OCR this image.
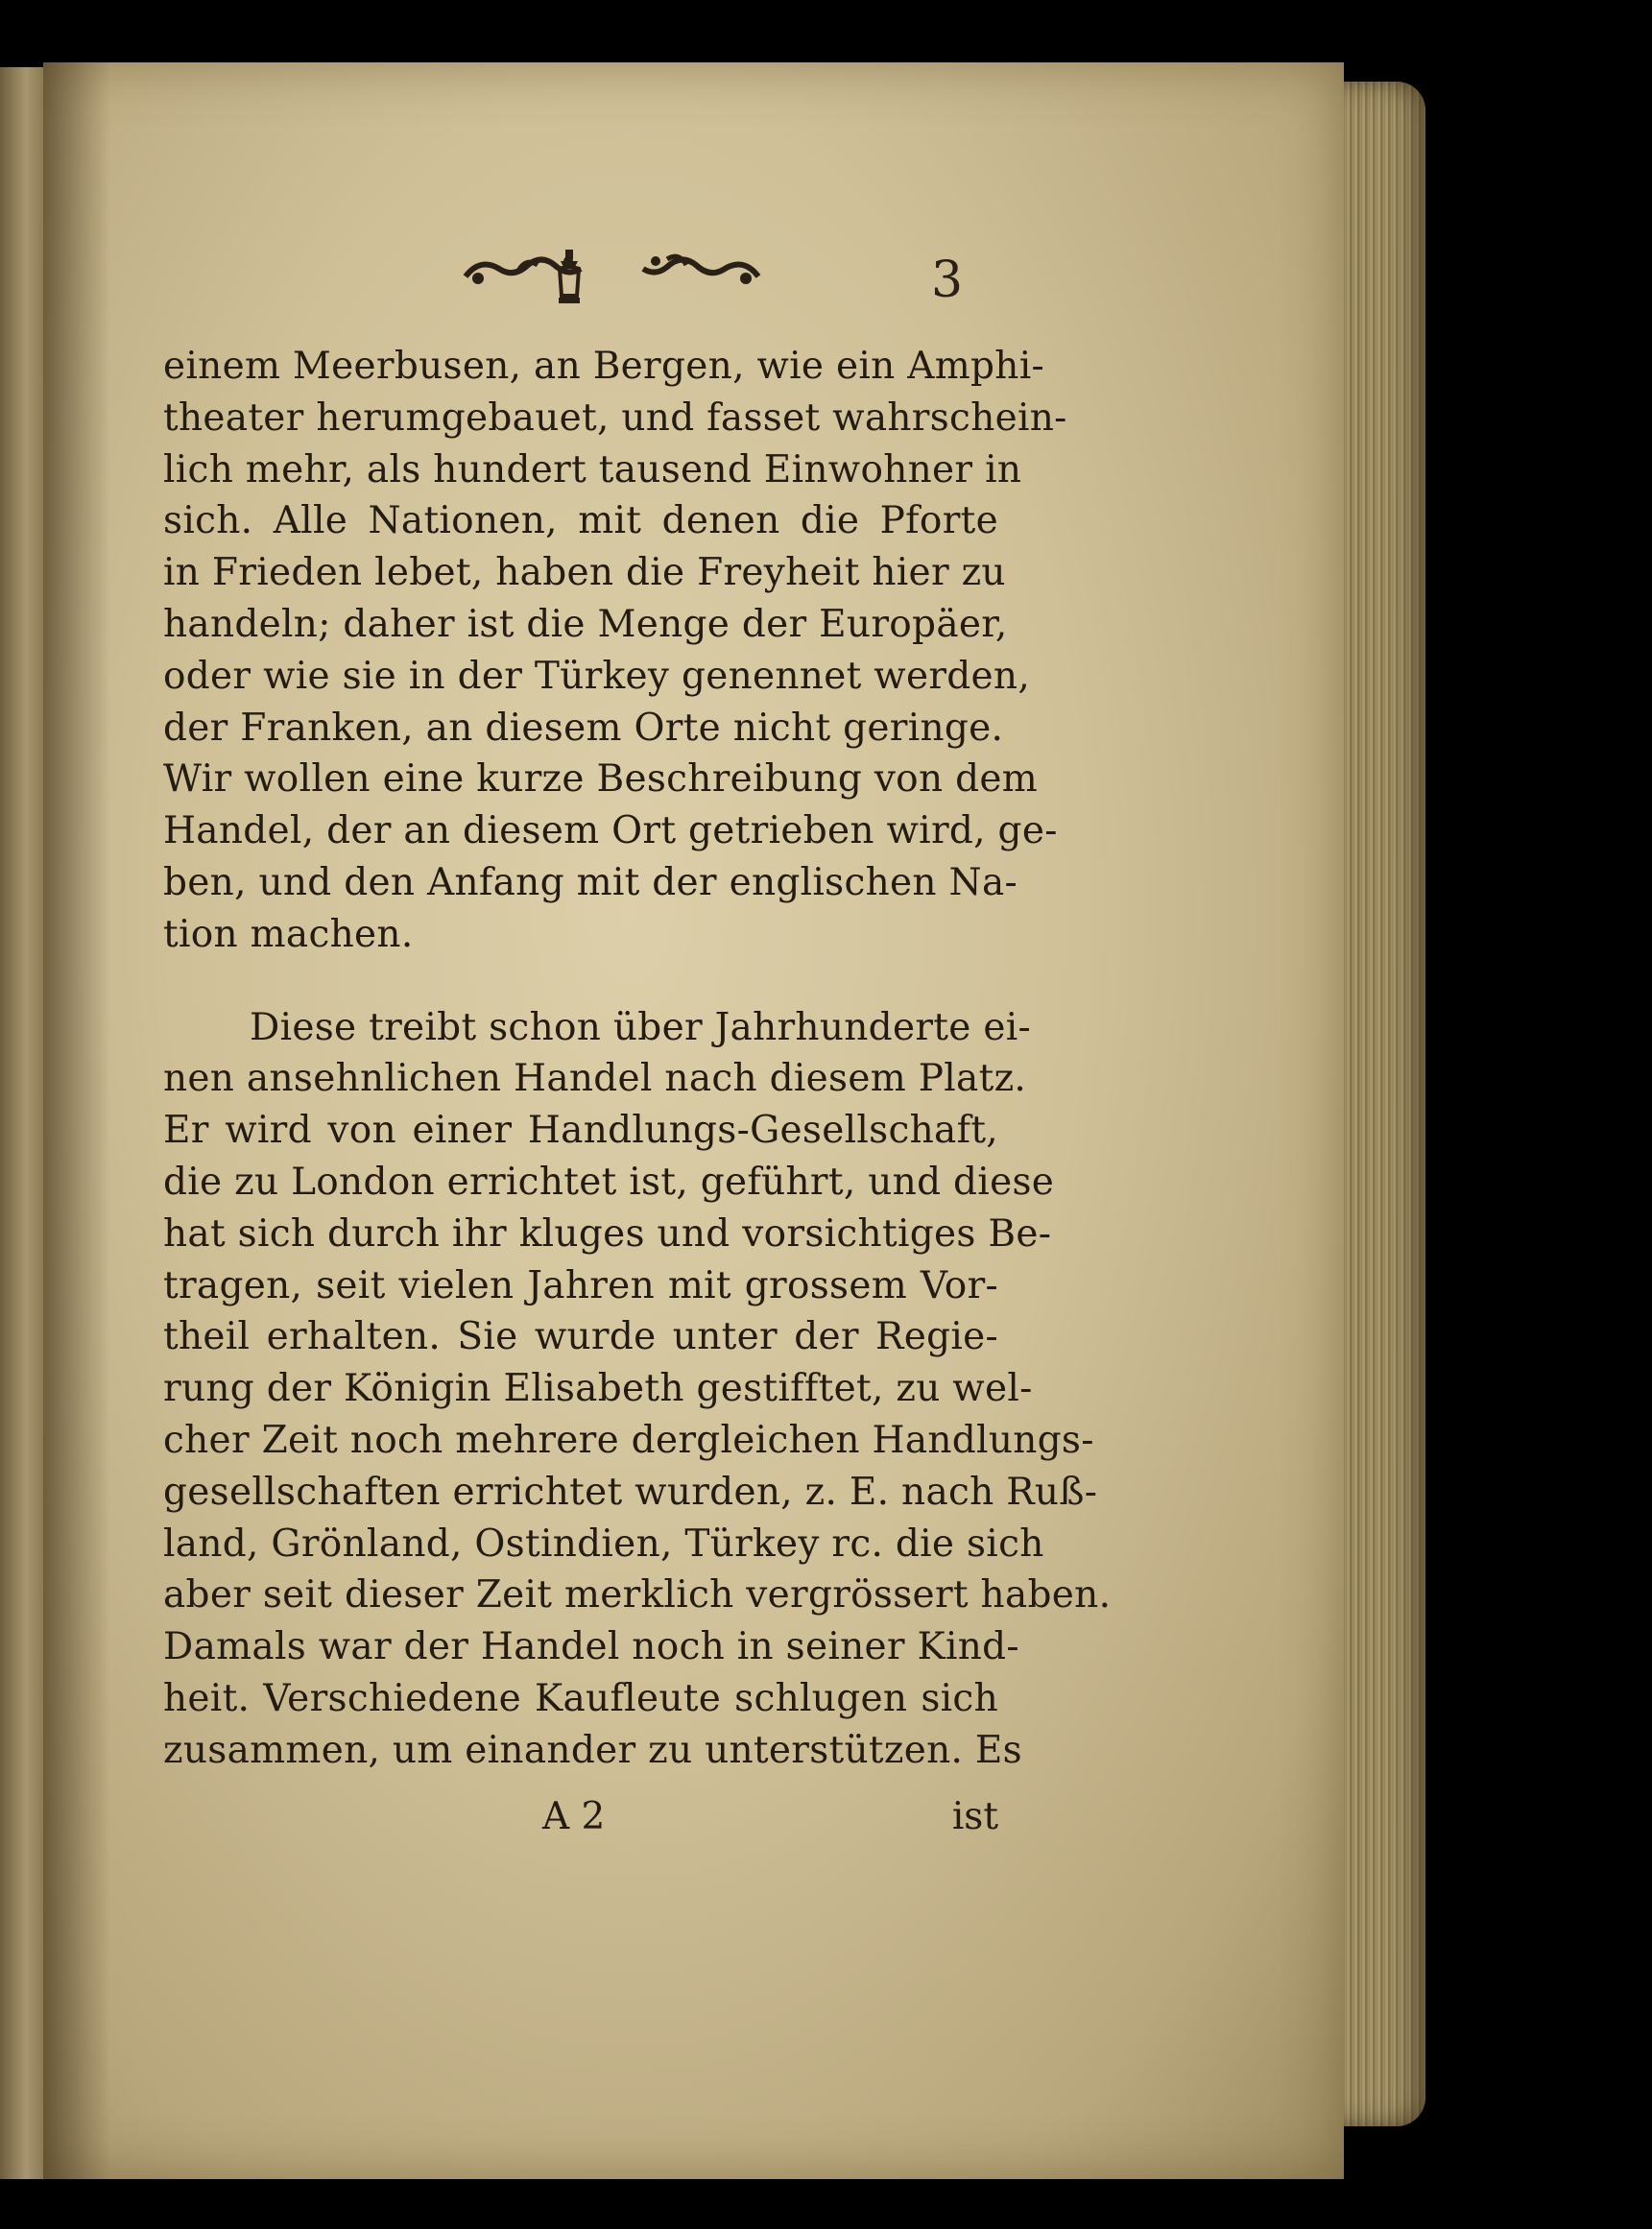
3
einem Meerbusen, an Bergen, wie ein Amphi-
theater herumgebauet, und fasset wahrschein-
lich mehr, als hundert tausend Einwohner in
sich. Alle Nationen, mit denen die Pforte
in Frieden lebet, haben die Freyheit hier zu
handeln; daher ist die Menge der Europäer,
oder wie sie in der Türkey genennet werden,
der Franken, an diesem Orte nicht geringe.
Wir wollen eine kurze Beschreibung von dem
Handel, der an diesem Ort getrieben wird, ge-
ben, und den Anfang mit der englischen Na-
tion machen.
Diese treibt schon über Jahrhunderte ei-
nen ansehnlichen Handel nach diesem Platz.
Er wird von einer Handlungs-Gesellschaft,
die zu London errichtet ist, geführt, und diese
hat sich durch ihr kluges und vorsichtiges Be-
tragen, seit vielen Jahren mit grossem Vor-
theil erhalten. Sie wurde unter der Regie-
rung der Königin Elisabeth gestifftet, zu wel-
cher Zeit noch mehrere dergleichen Handlungs-
gesellschaften errichtet wurden, z. E. nach Ruß-
land, Grönland, Ostindien, Türkey rc. die sich
aber seit dieser Zeit merklich vergrössert haben.
Damals war der Handel noch in seiner Kind-
heit. Verschiedene Kaufleute schlugen sich
zusammen, um einander zu unterstützen. Es
A 2	ist
